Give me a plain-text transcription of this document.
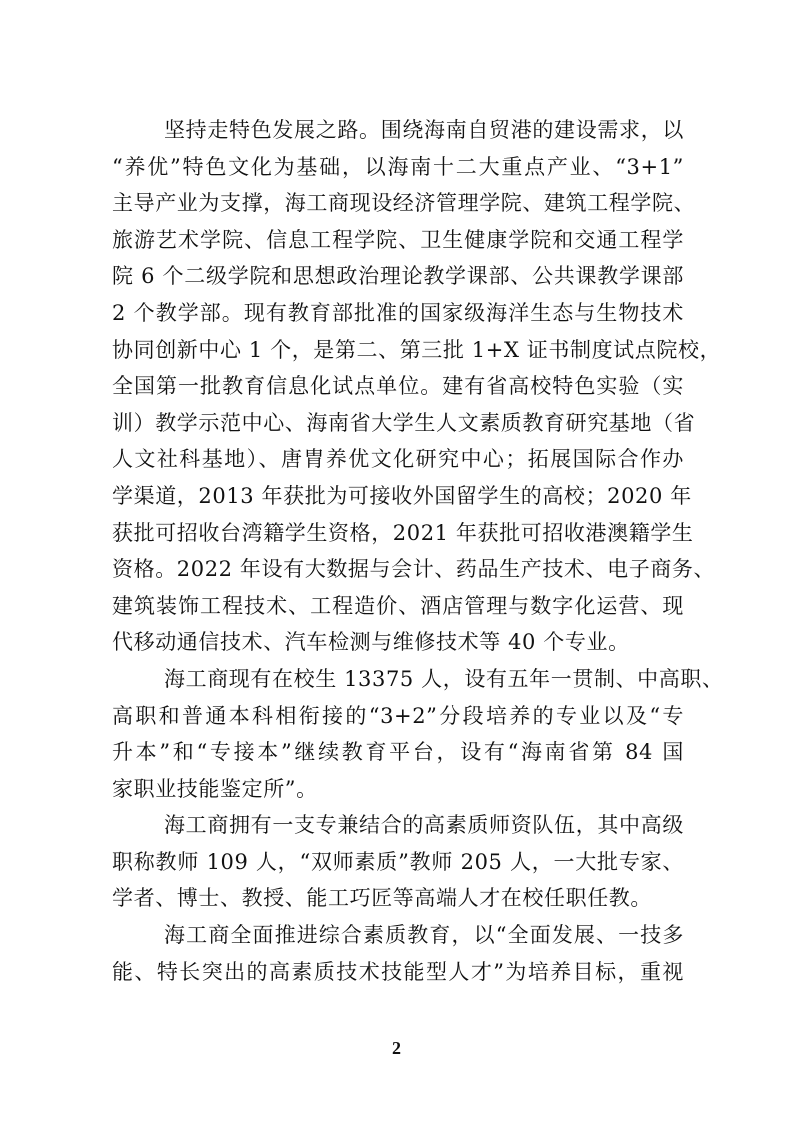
坚持走特色发展之路。围绕海南自贸港的建设需求，以
“养优”特色文化为基础，以海南十二大重点产业、“3+1”
主导产业为支撑，海工商现设经济管理学院、建筑工程学院、
旅游艺术学院、信息工程学院、卫生健康学院和交通工程学
院 6 个二级学院和思想政治理论教学课部、公共课教学课部
2 个教学部。现有教育部批准的国家级海洋生态与生物技术
协同创新中心 1 个，是第二、第三批 1+X 证书制度试点院校，
全国第一批教育信息化试点单位。建有省高校特色实验（实
训）教学示范中心、海南省大学生人文素质教育研究基地（省
人文社科基地）、唐胄养优文化研究中心；拓展国际合作办
学渠道，2013 年获批为可接收外国留学生的高校；2020 年
获批可招收台湾籍学生资格，2021 年获批可招收港澳籍学生
资格。2022 年设有大数据与会计、药品生产技术、电子商务、
建筑装饰工程技术、工程造价、酒店管理与数字化运营、现
代移动通信技术、汽车检测与维修技术等 40 个专业。
海工商现有在校生 13375 人，设有五年一贯制、中高职、
高职和普通本科相衔接的“3+2”分段培养的专业以及“专
升本”和“专接本”继续教育平台，设有“海南省第 84 国
家职业技能鉴定所”。
海工商拥有一支专兼结合的高素质师资队伍，其中高级
职称教师 109 人，“双师素质”教师 205 人，一大批专家、
学者、博士、教授、能工巧匠等高端人才在校任职任教。
海工商全面推进综合素质教育，以“全面发展、一技多
能、特长突出的高素质技术技能型人才”为培养目标，重视
2
